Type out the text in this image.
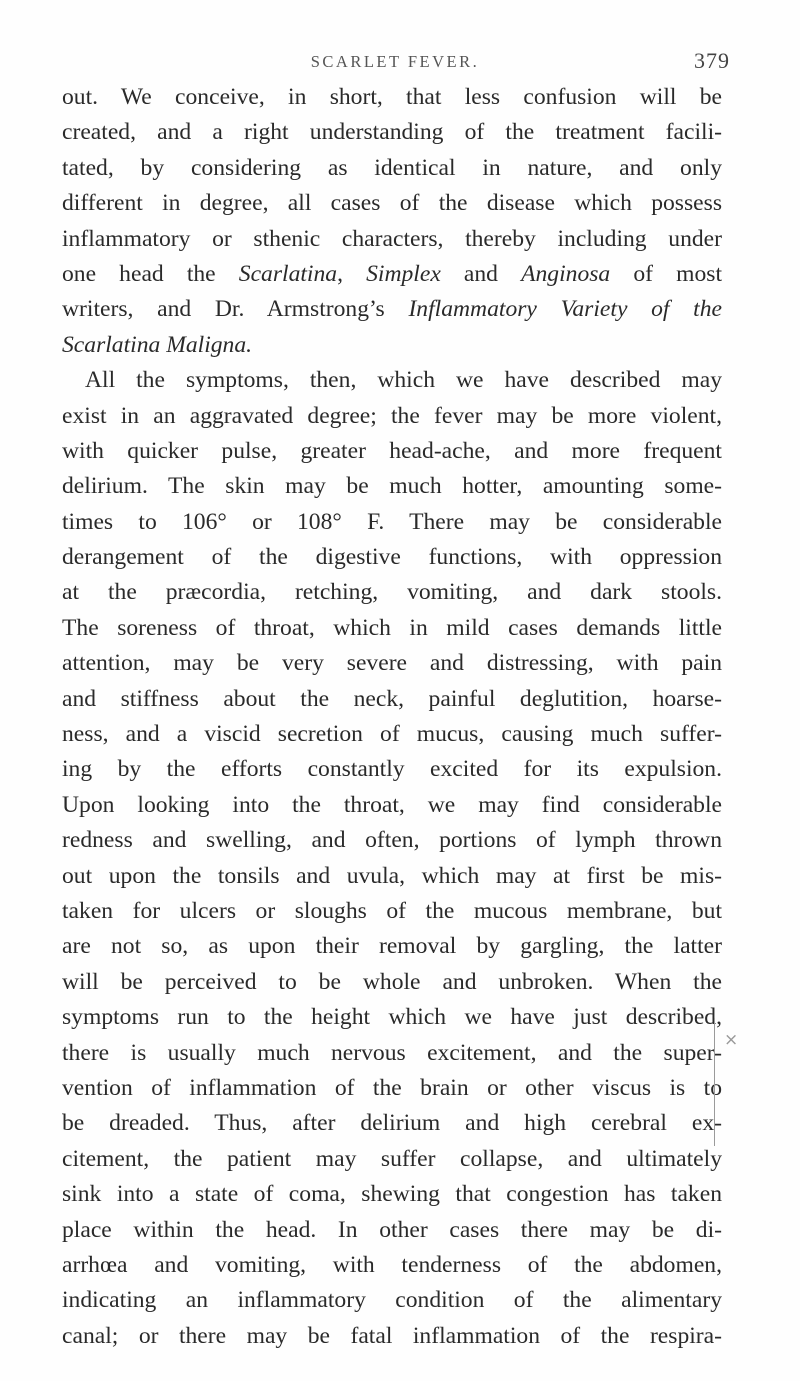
SCARLET FEVER.	379
out. We conceive, in short, that less confusion will be
created, and a right understanding of the treatment facili-
tated, by considering as identical in nature, and only
different in degree, all cases of the disease which possess
inflammatory or sthenic characters, thereby including under
one head the Scarlatina, Simplex and Anginosa of most
writers, and Dr. Armstrong’s Inflammatory Variety of the
Scarlatina Maligna.
All the symptoms, then, which we have described may
exist in an aggravated degree; the fever may be more violent,
with quicker pulse, greater head-ache, and more frequent
delirium. The skin may be much hotter, amounting some-
times to 106° or 108° F. There may be considerable
derangement of the digestive functions, with oppression
at the præcordia, retching, vomiting, and dark stools.
The soreness of throat, which in mild cases demands little
attention, may be very severe and distressing, with pain
and stiffness about the neck, painful deglutition, hoarse-
ness, and a viscid secretion of mucus, causing much suffer-
ing by the efforts constantly excited for its expulsion.
Upon looking into the throat, we may find considerable
redness and swelling, and often, portions of lymph thrown
out upon the tonsils and uvula, which may at first be mis-
taken for ulcers or sloughs of the mucous membrane, but
are not so, as upon their removal by gargling, the latter
will be perceived to be whole and unbroken. When the
symptoms run to the height which we have just described,
there is usually much nervous excitement, and the super-
vention of inflammation of the brain or other viscus is to
be dreaded. Thus, after delirium and high cerebral ex-
citement, the patient may suffer collapse, and ultimately
sink into a state of coma, shewing that congestion has taken
place within the head. In other cases there may be di-
arrhœa and vomiting, with tenderness of the abdomen,
indicating an inflammatory condition of the alimentary
canal; or there may be fatal inflammation of the respira-
⨯
